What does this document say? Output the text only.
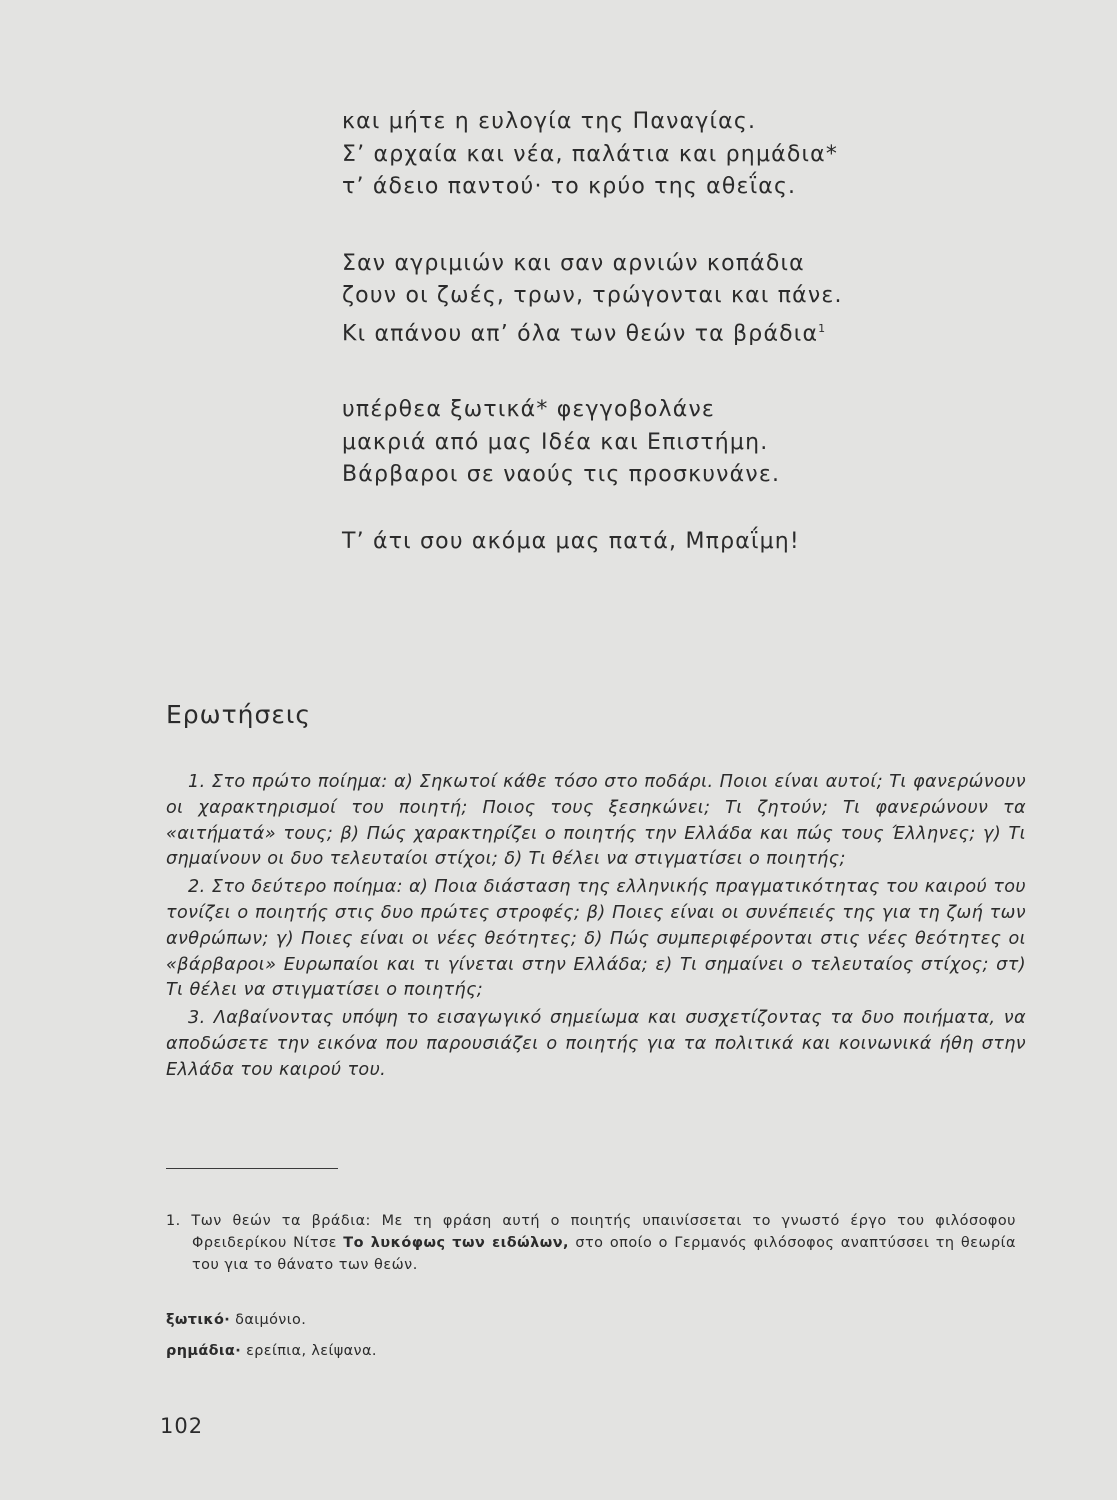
και μήτε η ευλογία της Παναγίας.
Σ’ αρχαία και νέα, παλάτια και ρημάδια*
τ’ άδειο παντού· το κρύο της αθεΐας.
Σαν αγριμιών και σαν αρνιών κοπάδια
ζουν οι ζωές, τρων, τρώγονται και πάνε.
Κι απάνου απ’ όλα των θεών τα βράδια$^1$
υπέρθεα ξωτικά* φεγγοβολάνε
μακριά από μας Ιδέα και Επιστήμη.
Βάρβαροι σε ναούς τις προσκυνάνε.
Τ’ άτι σου ακόμα μας πατά, Μπραΐμη!
Ερωτήσεις

1. Στο πρώτο ποίημα: α) Σηκωτοί κάθε τόσο στο ποδάρι. Ποιοι είναι αυτοί; Τι φανερώνουν οι χαρακτηρισμοί του ποιητή; Ποιος τους ξεσηκώνει; Τι ζητούν; Τι φανερώνουν τα «αιτήματά» τους; β) Πώς χαρακτηρίζει ο ποιητής την Ελλάδα και πώς τους Έλληνες; γ) Τι σημαίνουν οι δυο τελευταίοι στίχοι; δ) Τι θέλει να στιγματίσει ο ποιητής;

2. Στο δεύτερο ποίημα: α) Ποια διάσταση της ελληνικής πραγματικότητας του καιρού του τονίζει ο ποιητής στις δυο πρώτες στροφές; β) Ποιες είναι οι συνέπειές της για τη ζωή των ανθρώπων; γ) Ποιες είναι οι νέες θεότητες; δ) Πώς συμπεριφέρονται στις νέες θεότητες οι «βάρβαροι» Ευρωπαίοι και τι γίνεται στην Ελλάδα; ε) Τι σημαίνει ο τελευταίος στίχος; στ) Τι θέλει να στιγματίσει ο ποιητής;

3. Λαβαίνοντας υπόψη το εισαγωγικό σημείωμα και συσχετίζοντας τα δυο ποιήματα, να αποδώσετε την εικόνα που παρουσιάζει ο ποιητής για τα πολιτικά και κοινωνικά ήθη στην Ελλάδα του καιρού του.

1. Των θεών τα βράδια: Με τη φράση αυτή ο ποιητής υπαινίσσεται το γνωστό έργο του φιλόσοφου Φρειδερίκου Νίτσε Το λυκόφως των ειδώλων, στο οποίο ο Γερμανός φιλόσοφος αναπτύσσει τη θεωρία του για το θάνατο των θεών.

ξωτικό· δαιμόνιο.

ρημάδια· ερείπια, λείψανα.

102
